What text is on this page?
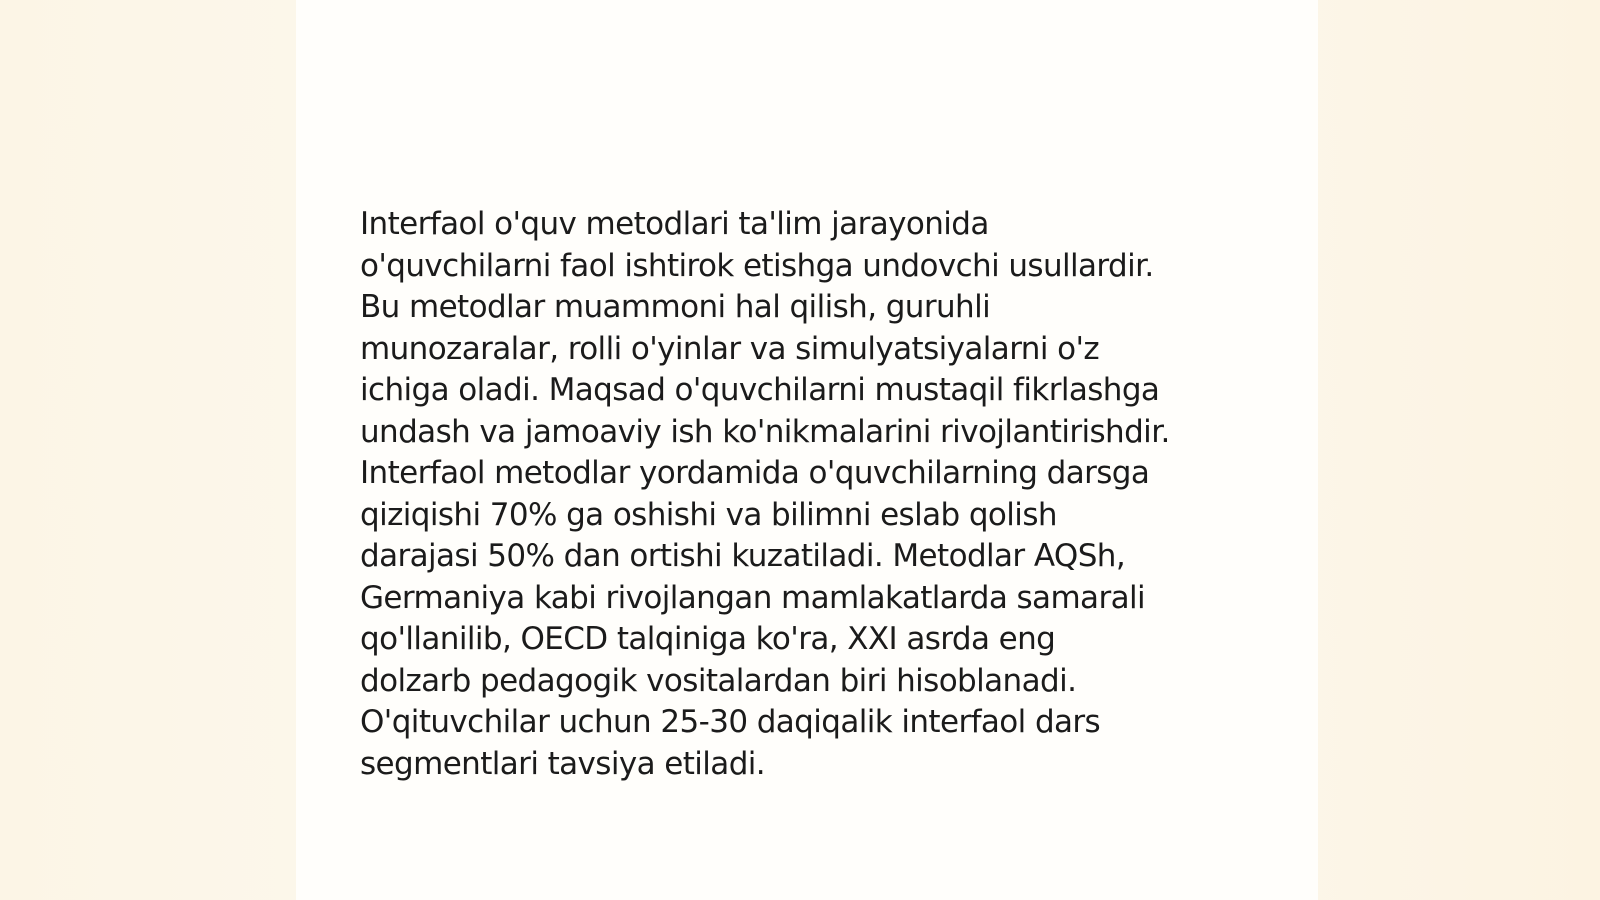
Interfaol o'quv metodlari ta'lim jarayonida
o'quvchilarni faol ishtirok etishga undovchi usullardir.
Bu metodlar muammoni hal qilish, guruhli
munozaralar, rolli o'yinlar va simulyatsiyalarni o'z
ichiga oladi. Maqsad o'quvchilarni mustaqil fikrlashga
undash va jamoaviy ish ko'nikmalarini rivojlantirishdir.
Interfaol metodlar yordamida o'quvchilarning darsga
qiziqishi 70% ga oshishi va bilimni eslab qolish
darajasi 50% dan ortishi kuzatiladi. Metodlar AQSh,
Germaniya kabi rivojlangan mamlakatlarda samarali
qo'llanilib, OECD talqiniga ko'ra, XXI asrda eng
dolzarb pedagogik vositalardan biri hisoblanadi.
O'qituvchilar uchun 25-30 daqiqalik interfaol dars
segmentlari tavsiya etiladi.
